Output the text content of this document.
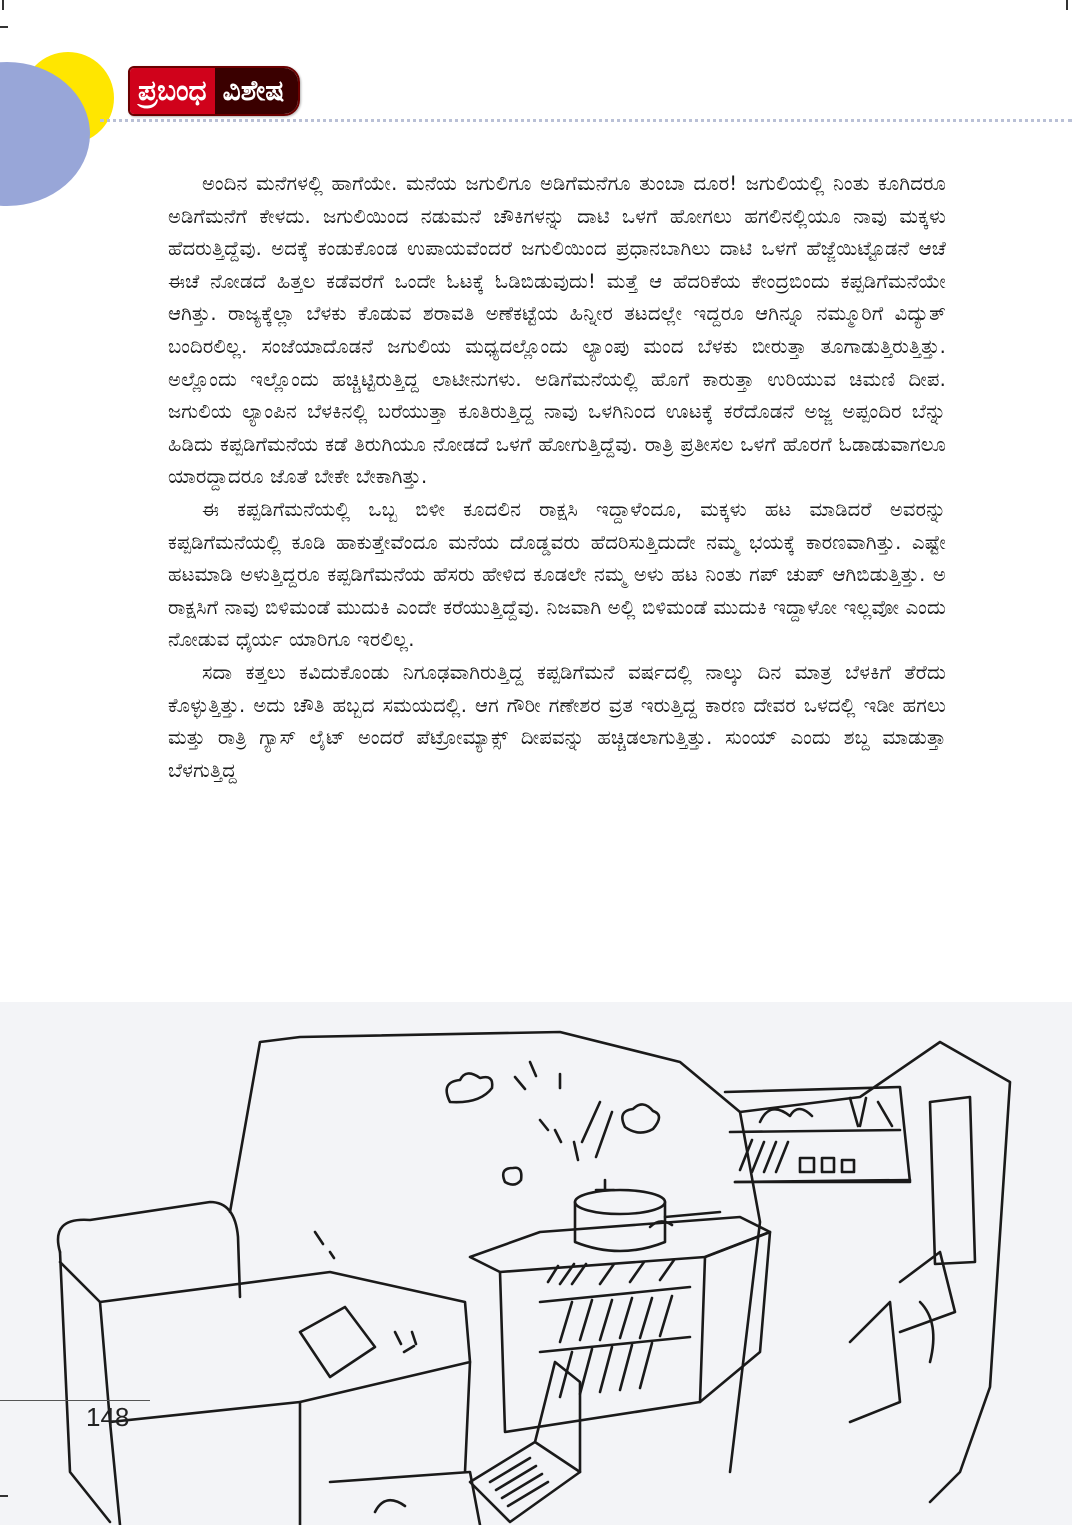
ಪ್ರಬಂಧ ವಿಶೇಷ

ಅಂದಿನ ಮನೆಗಳಲ್ಲಿ ಹಾಗೆಯೇ. ಮನೆಯ ಜಗುಲಿಗೂ ಅಡಿಗೆಮನೆಗೂ ತುಂಬಾ ದೂರ! ಜಗುಲಿಯಲ್ಲಿ ನಿಂತು ಕೂಗಿದರೂ ಅಡಿಗೆಮನೆಗೆ ಕೇಳದು. ಜಗುಲಿಯಿಂದ ನಡುಮನೆ ಚೌಕಿಗಳನ್ನು ದಾಟಿ ಒಳಗೆ ಹೋಗಲು ಹಗಲಿನಲ್ಲಿಯೂ ನಾವು ಮಕ್ಕಳು ಹೆದರುತ್ತಿದ್ದೆವು. ಅದಕ್ಕೆ ಕಂಡುಕೊಂಡ ಉಪಾಯವೆಂದರೆ ಜಗುಲಿಯಿಂದ ಪ್ರಧಾನಬಾಗಿಲು ದಾಟಿ ಒಳಗೆ ಹೆಜ್ಜೆಯಿಟ್ಟೊಡನೆ ಆಚೆ ಈಚೆ ನೋಡದೆ ಹಿತ್ತಲ ಕಡೆವರೆಗೆ ಒಂದೇ ಓಟಕ್ಕೆ ಓಡಿಬಿಡುವುದು! ಮತ್ತೆ ಆ ಹೆದರಿಕೆಯ ಕೇಂದ್ರಬಿಂದು ಕಪ್ಪಡಿಗೆಮನೆಯೇ ಆಗಿತ್ತು. ರಾಜ್ಯಕ್ಕೆಲ್ಲಾ ಬೆಳಕು ಕೊಡುವ ಶರಾವತಿ ಅಣೆಕಟ್ಟೆಯ ಹಿನ್ನೀರ ತಟದಲ್ಲೇ ಇದ್ದರೂ ಆಗಿನ್ನೂ ನಮ್ಮೂರಿಗೆ ವಿದ್ಯುತ್ ಬಂದಿರಲಿಲ್ಲ. ಸಂಜೆಯಾದೊಡನೆ ಜಗುಲಿಯ ಮಧ್ಯದಲ್ಲೊಂದು ಲ್ಯಾಂಪು ಮಂದ ಬೆಳಕು ಬೀರುತ್ತಾ ತೂಗಾಡುತ್ತಿರುತ್ತಿತ್ತು. ಅಲ್ಲೊಂದು ಇಲ್ಲೊಂದು ಹಚ್ಚಿಟ್ಟಿರುತ್ತಿದ್ದ ಲಾಟೀನುಗಳು. ಅಡಿಗೆಮನೆಯಲ್ಲಿ ಹೊಗೆ ಕಾರುತ್ತಾ ಉರಿಯುವ ಚಿಮಣಿ ದೀಪ. ಜಗುಲಿಯ ಲ್ಯಾಂಪಿನ ಬೆಳಕಿನಲ್ಲಿ ಬರೆಯುತ್ತಾ ಕೂತಿರುತ್ತಿದ್ದ ನಾವು ಒಳಗಿನಿಂದ ಊಟಕ್ಕೆ ಕರೆದೊಡನೆ ಅಜ್ಜ ಅಪ್ಪಂದಿರ ಬೆನ್ನು ಹಿಡಿದು ಕಪ್ಪಡಿಗೆಮನೆಯ ಕಡೆ ತಿರುಗಿಯೂ ನೋಡದೆ ಒಳಗೆ ಹೋಗುತ್ತಿದ್ದೆವು. ರಾತ್ರಿ ಪ್ರತೀಸಲ ಒಳಗೆ ಹೊರಗೆ ಓಡಾಡುವಾಗಲೂ ಯಾರದ್ದಾದರೂ ಜೊತೆ ಬೇಕೇ ಬೇಕಾಗಿತ್ತು.

ಈ ಕಪ್ಪಡಿಗೆಮನೆಯಲ್ಲಿ ಒಬ್ಬ ಬಿಳೀ ಕೂದಲಿನ ರಾಕ್ಷಸಿ ಇದ್ದಾಳೆಂದೂ, ಮಕ್ಕಳು ಹಟ ಮಾಡಿದರೆ ಅವರನ್ನು ಕಪ್ಪಡಿಗೆಮನೆಯಲ್ಲಿ ಕೂಡಿ ಹಾಕುತ್ತೇವೆಂದೂ ಮನೆಯ ದೊಡ್ಡವರು ಹೆದರಿಸುತ್ತಿದುದೇ ನಮ್ಮ ಭಯಕ್ಕೆ ಕಾರಣವಾಗಿತ್ತು. ಎಷ್ಟೇ ಹಟಮಾಡಿ ಅಳುತ್ತಿದ್ದರೂ ಕಪ್ಪಡಿಗೆಮನೆಯ ಹೆಸರು ಹೇಳಿದ ಕೂಡಲೇ ನಮ್ಮ ಅಳು ಹಟ ನಿಂತು ಗಪ್ ಚುಪ್ ಆಗಿಬಿಡುತ್ತಿತ್ತು. ಅ ರಾಕ್ಷಸಿಗೆ ನಾವು ಬಿಳಿಮಂಡೆ ಮುದುಕಿ ಎಂದೇ ಕರೆಯುತ್ತಿದ್ದೆವು. ನಿಜವಾಗಿ ಅಲ್ಲಿ ಬಿಳಿಮಂಡೆ ಮುದುಕಿ ಇದ್ದಾಳೋ ಇಲ್ಲವೋ ಎಂದು ನೋಡುವ ಧೈರ್ಯ ಯಾರಿಗೂ ಇರಲಿಲ್ಲ.

ಸದಾ ಕತ್ತಲು ಕವಿದುಕೊಂಡು ನಿಗೂಢವಾಗಿರುತ್ತಿದ್ದ ಕಪ್ಪಡಿಗೆಮನೆ ವರ್ಷದಲ್ಲಿ ನಾಲ್ಕು ದಿನ ಮಾತ್ರ ಬೆಳಕಿಗೆ ತೆರೆದು ಕೊಳ್ಳುತ್ತಿತ್ತು. ಅದು ಚೌತಿ ಹಬ್ಬದ ಸಮಯದಲ್ಲಿ. ಆಗ ಗೌರೀ ಗಣೇಶರ ವ್ರತ ಇರುತ್ತಿದ್ದ ಕಾರಣ ದೇವರ ಒಳದಲ್ಲಿ ಇಡೀ ಹಗಲು ಮತ್ತು ರಾತ್ರಿ ಗ್ಯಾಸ್ ಲೈಟ್ ಅಂದರೆ ಪೆಟ್ರೋಮ್ಯಾಕ್ಸ್ ದೀಪವನ್ನು ಹಚ್ಚಿಡಲಾಗುತ್ತಿತ್ತು. ಸುಂಯ್ ಎಂದು ಶಬ್ದ ಮಾಡುತ್ತಾ ಬೆಳಗುತ್ತಿದ್ದ

148
